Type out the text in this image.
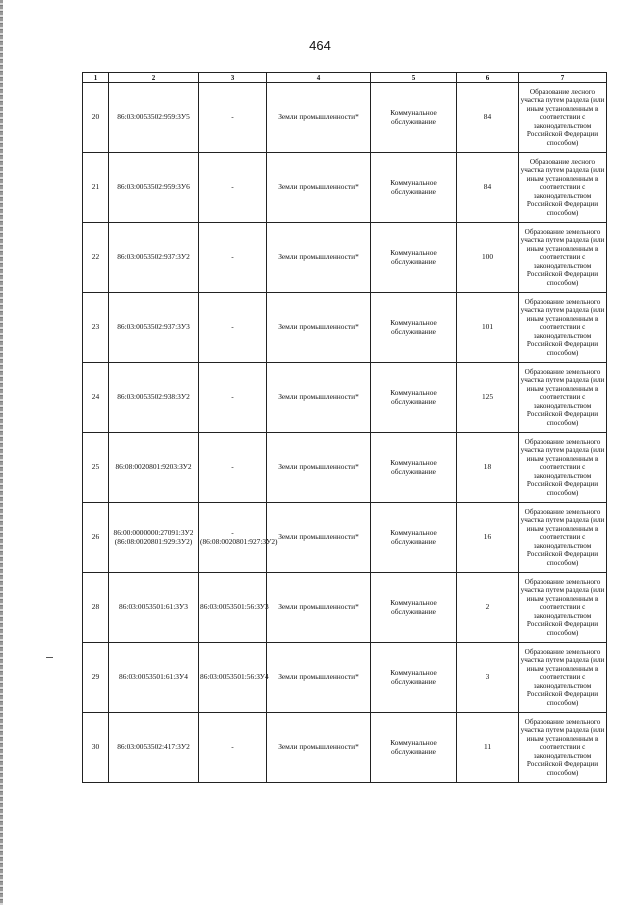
464
1	2	3	4	5	6	7
20	86:03:0053502:959:3У5	-	Земли промышленности*	Коммунальное обслуживание	84	Образование лесного участка путем раздела (или иным установленным в соответствии с законодательством Российской Федерации способом)
21	86:03:0053502:959:3У6	-	Земли промышленности*	Коммунальное обслуживание	84	Образование лесного участка путем раздела (или иным установленным в соответствии с законодательством Российской Федерации способом)
22	86:03:0053502:937:3У2	-	Земли промышленности*	Коммунальное обслуживание	100	Образование земельного участка путем раздела (или иным установленным в соответствии с законодательством Российской Федерации способом)
23	86:03:0053502:937:3У3	-	Земли промышленности*	Коммунальное обслуживание	101	Образование земельного участка путем раздела (или иным установленным в соответствии с законодательством Российской Федерации способом)
24	86:03:0053502:938:3У2	-	Земли промышленности*	Коммунальное обслуживание	125	Образование земельного участка путем раздела (или иным установленным в соответствии с законодательством Российской Федерации способом)
25	86:08:0020801:9203:ЗУ2	-	Земли промышленности*	Коммунальное обслуживание	18	Образование земельного участка путем раздела (или иным установленным в соответствии с законодательством Российской Федерации способом)
26	86:00:0000000:27091:3У2 (86:08:0020801:929:3У2)	- (86:08:0020801:927:3У2)	Земли промышленности*	Коммунальное обслуживание	16	Образование земельного участка путем раздела (или иным установленным в соответствии с законодательством Российской Федерации способом)
28	86:03:0053501:61:3У3	86:03:0053501:56:ЗУ3	Земли промышленности*	Коммунальное обслуживание	2	Образование земельного участка путем раздела (или иным установленным в соответствии с законодательством Российской Федерации способом)
29	86:03:0053501:61:3У4	86:03:0053501:56:ЗУ4	Земли промышленности*	Коммунальное обслуживание	3	Образование земельного участка путем раздела (или иным установленным в соответствии с законодательством Российской Федерации способом)
30	86:03:0053502:417:3У2	-	Земли промышленности*	Коммунальное обслуживание	11	Образование земельного участка путем раздела (или иным установленным в соответствии с законодательством Российской Федерации способом)
